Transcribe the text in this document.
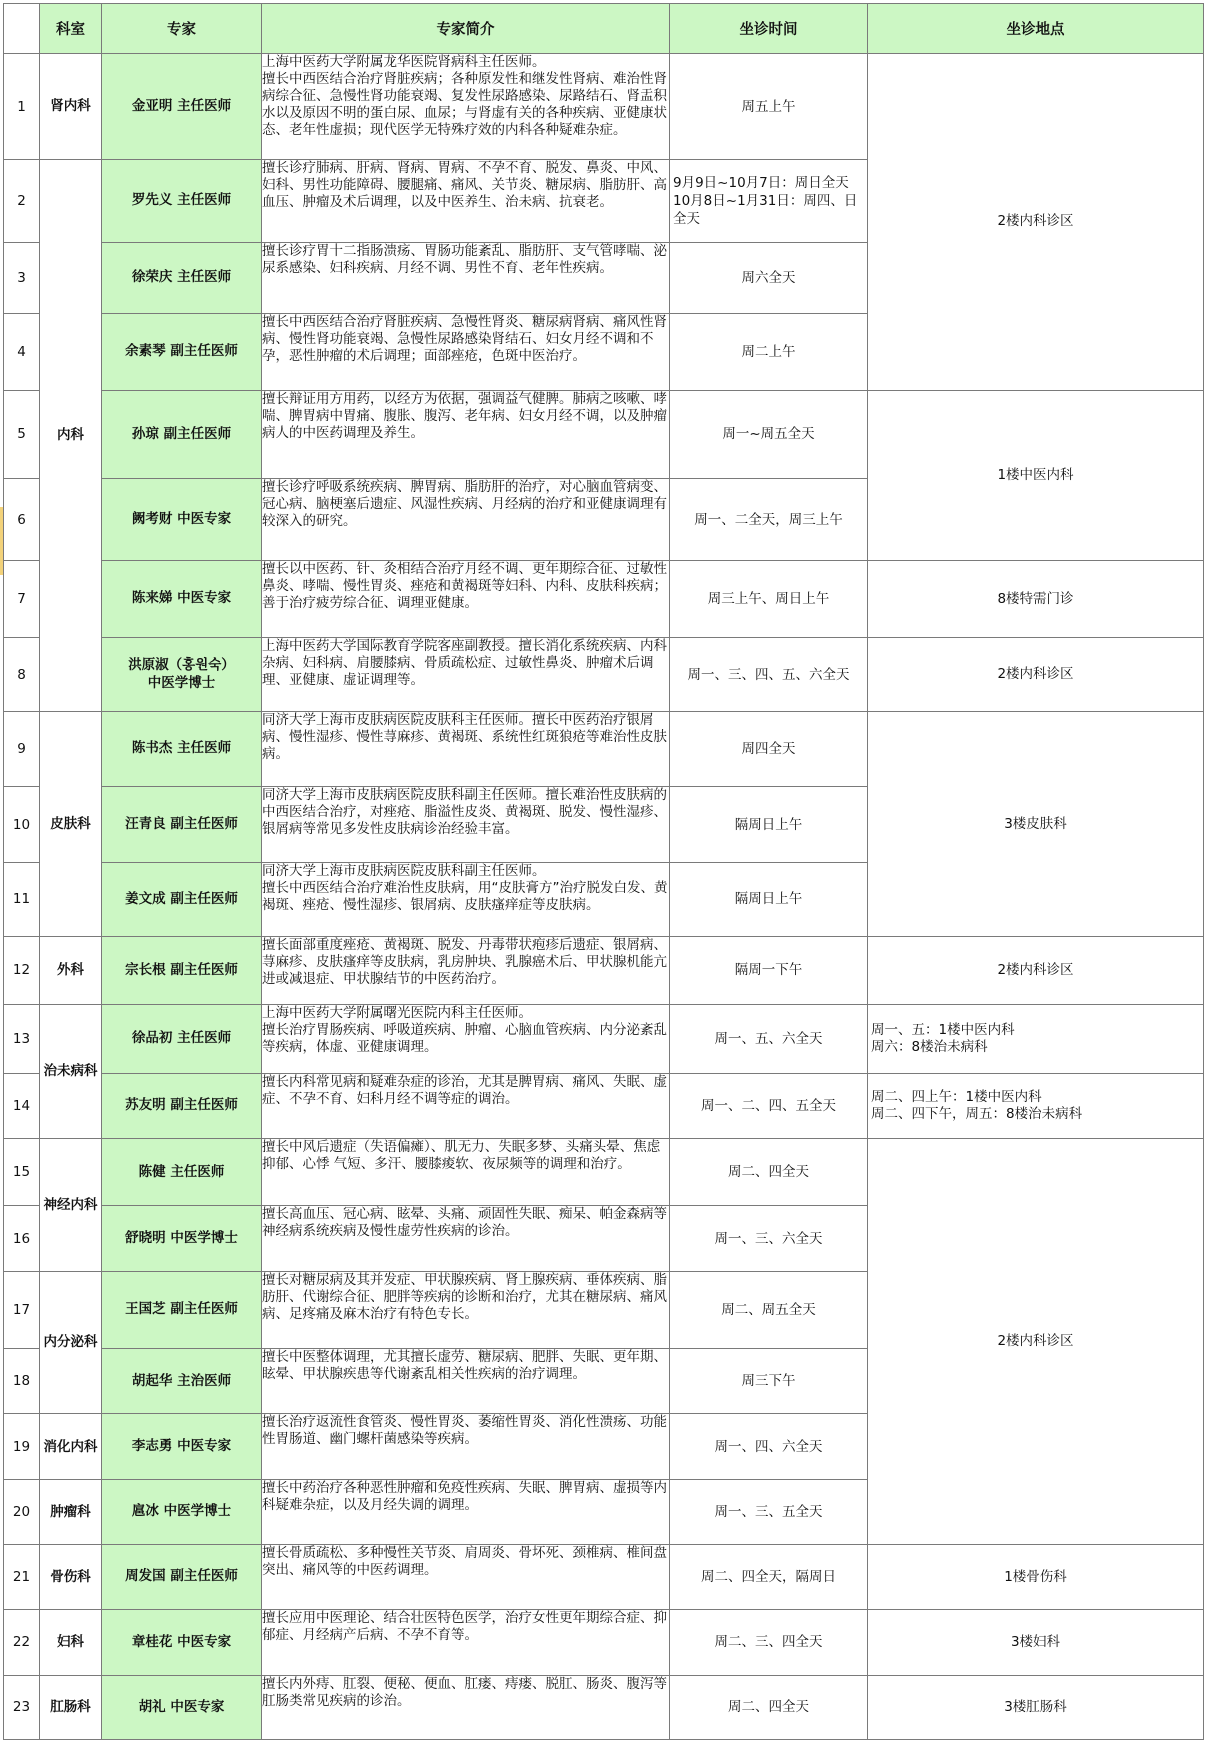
	科室	专家	专家简介	坐诊时间	坐诊地点
1	肾内科	金亚明 主任医师	上海中医药大学附属龙华医院肾病科主任医师。
擅长中西医结合治疗肾脏疾病；各种原发性和继发性肾病、难治性肾病综合征、急慢性肾功能衰竭、复发性尿路感染、尿路结石、肾盂积水以及原因不明的蛋白尿、血尿；与肾虚有关的各种疾病、亚健康状态、老年性虚损；现代医学无特殊疗效的内科各种疑难杂症。	周五上午	2楼内科诊区
2	内科	罗先义 主任医师	擅长诊疗肺病、肝病、肾病、胃病、不孕不育、脱发、鼻炎、中风、妇科、男性功能障碍、腰腿痛、痛风、关节炎、糖尿病、脂肪肝、高血压、肿瘤及术后调理，以及中医养生、治未病、抗衰老。	9月9日~10月7日：周日全天
10月8日~1月31日：周四、日全天	
3		徐荣庆 主任医师	擅长诊疗胃十二指肠溃疡、胃肠功能紊乱、脂肪肝、支气管哮喘、泌尿系感染、妇科疾病、月经不调、男性不育、老年性疾病。	周六全天	
4		余素琴 副主任医师	擅长中西医结合治疗肾脏疾病、急慢性肾炎、糖尿病肾病、痛风性肾病、慢性肾功能衰竭、急慢性尿路感染肾结石、妇女月经不调和不孕，恶性肿瘤的术后调理；面部痤疮，色斑中医治疗。	周二上午	
5		孙琼 副主任医师	擅长辩证用方用药，以经方为依据，强调益气健脾。肺病之咳嗽、哮喘、脾胃病中胃痛、腹胀、腹泻、老年病、妇女月经不调，以及肿瘤病人的中医药调理及养生。	周一~周五全天	1楼中医内科
6		阙考财 中医专家	擅长诊疗呼吸系统疾病、脾胃病、脂肪肝的治疗，对心脑血管病变、冠心病、脑梗塞后遗症、风湿性疾病、月经病的治疗和亚健康调理有较深入的研究。	周一、二全天，周三上午	
7		陈来娣 中医专家	擅长以中医药、针、灸相结合治疗月经不调、更年期综合征、过敏性鼻炎、哮喘、慢性胃炎、痤疮和黄褐斑等妇科、内科、皮肤科疾病；善于治疗疲劳综合征、调理亚健康。	周三上午、周日上午	8楼特需门诊
8		洪原淑（홍원숙）
中医学博士	上海中医药大学国际教育学院客座副教授。擅长消化系统疾病、内科杂病、妇科病、肩腰膝病、骨质疏松症、过敏性鼻炎、肿瘤术后调理、亚健康、虚证调理等。	周一、三、四、五、六全天	2楼内科诊区
9	皮肤科	陈书杰 主任医师	同济大学上海市皮肤病医院皮肤科主任医师。擅长中医药治疗银屑病、慢性湿疹、慢性荨麻疹、黄褐斑、系统性红斑狼疮等难治性皮肤病。	周四全天	3楼皮肤科
10		汪青良 副主任医师	同济大学上海市皮肤病医院皮肤科副主任医师。擅长难治性皮肤病的中西医结合治疗，对痤疮、脂溢性皮炎、黄褐斑、脱发、慢性湿疹、银屑病等常见多发性皮肤病诊治经验丰富。	隔周日上午	
11		姜文成 副主任医师	同济大学上海市皮肤病医院皮肤科副主任医师。
擅长中西医结合治疗难治性皮肤病，用“皮肤膏方”治疗脱发白发、黄褐斑、痤疮、慢性湿疹、银屑病、皮肤瘙痒症等皮肤病。	隔周日上午	
12	外科	宗长根 副主任医师	擅长面部重度痤疮、黄褐斑、脱发、丹毒带状疱疹后遗症、银屑病、荨麻疹、皮肤瘙痒等皮肤病，乳房肿块、乳腺癌术后、甲状腺机能亢进或减退症、甲状腺结节的中医药治疗。	隔周一下午	2楼内科诊区
13	治未病科	徐品初 主任医师	上海中医药大学附属曙光医院内科主任医师。
擅长治疗胃肠疾病、呼吸道疾病、肿瘤、心脑血管疾病、内分泌紊乱等疾病，体虚、亚健康调理。	周一、五、六全天	周一、五：1楼中医内科
周六：8楼治未病科
14		苏友明 副主任医师	擅长内科常见病和疑难杂症的诊治，尤其是脾胃病、痛风、失眠、虚症、不孕不育、妇科月经不调等症的调治。	周一、二、四、五全天	周二、四上午：1楼中医内科
周二、四下午，周五：8楼治未病科
15	神经内科	陈健 主任医师	擅长中风后遗症（失语偏瘫）、肌无力、失眠多梦、头痛头晕、焦虑抑郁、心悸 气短、多汗、腰膝痠软、夜尿频等的调理和治疗。	周二、四全天	2楼内科诊区
16		舒晓明 中医学博士	擅长高血压、冠心病、眩晕、头痛、顽固性失眠、痴呆、帕金森病等神经病系统疾病及慢性虚劳性疾病的诊治。	周一、三、六全天	
17	内分泌科	王国芝 副主任医师	擅长对糖尿病及其并发症、甲状腺疾病、肾上腺疾病、垂体疾病、脂肪肝、代谢综合征、肥胖等疾病的诊断和治疗，尤其在糖尿病、痛风病、足疼痛及麻木治疗有特色专长。	周二、周五全天	
18		胡起华 主治医师	擅长中医整体调理，尤其擅长虚劳、糖尿病、肥胖、失眠、更年期、眩晕、甲状腺疾患等代谢紊乱相关性疾病的治疗调理。	周三下午	
19	消化内科	李志勇 中医专家	擅长治疗返流性食管炎、慢性胃炎、萎缩性胃炎、消化性溃疡、功能性胃肠道、幽门螺杆菌感染等疾病。	周一、四、六全天	
20	肿瘤科	扈冰 中医学博士	擅长中药治疗各种恶性肿瘤和免疫性疾病、失眠、脾胃病、虚损等内科疑难杂症，以及月经失调的调理。	周一、三、五全天	
21	骨伤科	周发国 副主任医师	擅长骨质疏松、多种慢性关节炎、肩周炎、骨坏死、颈椎病、椎间盘突出、痛风等的中医药调理。	周二、四全天，隔周日	1楼骨伤科
22	妇科	章桂花 中医专家	擅长应用中医理论、结合壮医特色医学，治疗女性更年期综合症、抑郁症、月经病产后病、不孕不育等。	周二、三、四全天	3楼妇科
23	肛肠科	胡礼 中医专家	擅长内外痔、肛裂、便秘、便血、肛瘘、痔瘘、脱肛、肠炎、腹泻等肛肠类常见疾病的诊治。	周二、四全天	3楼肛肠科
